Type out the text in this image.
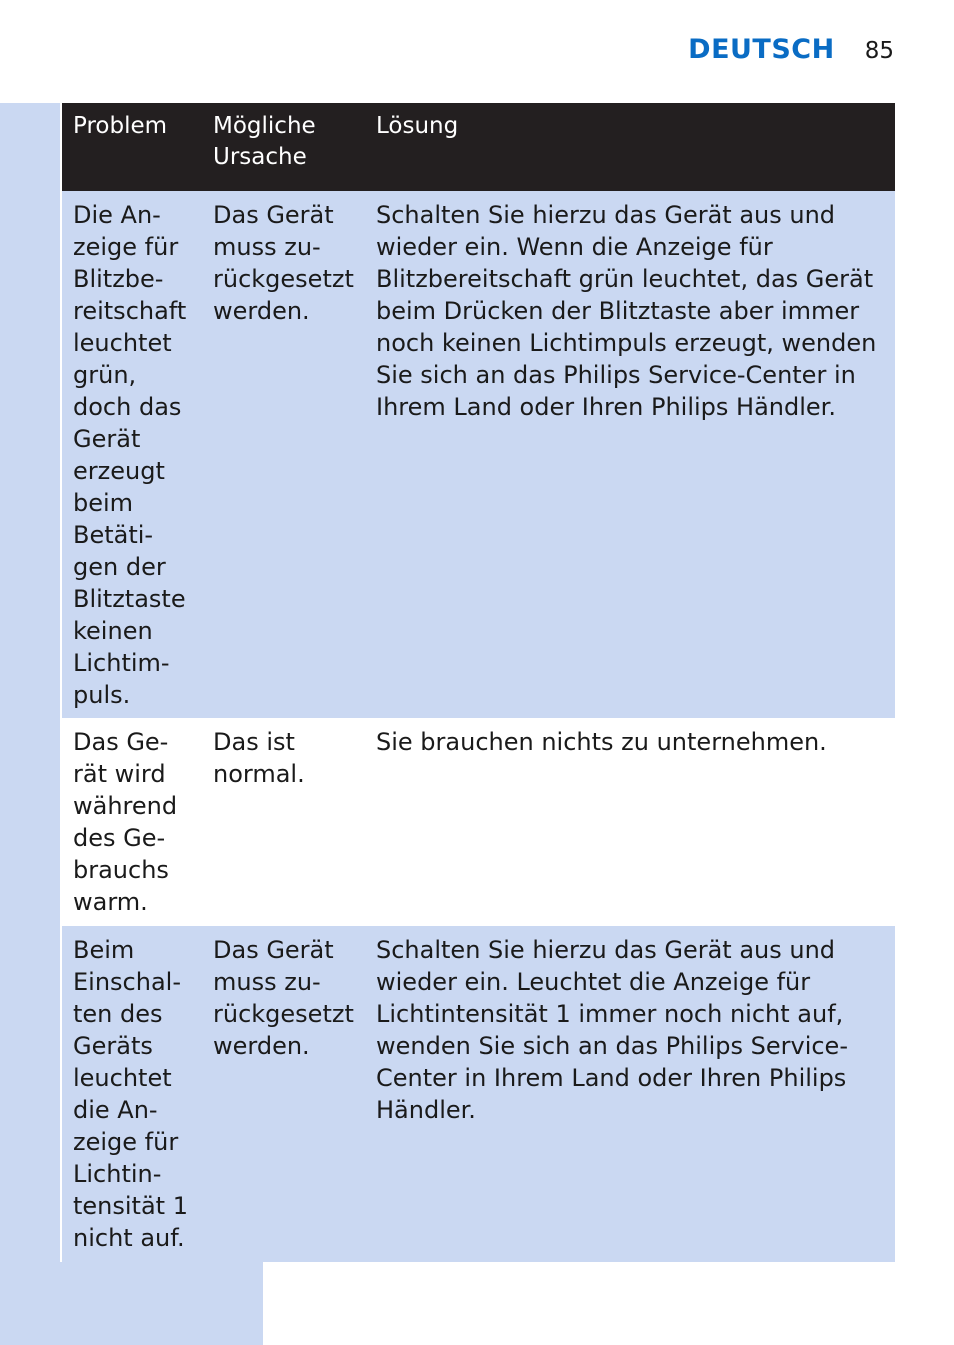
DEUTSCH 85
Problem	Mögliche
Ursache
Lösung
Die An-
zeige für
Blitzbe-
reitschaft
leuchtet
grün,
doch das
Gerät
erzeugt
beim
Betäti-
gen der
Blitztaste
keinen
Lichtim-
puls.
Das Gerät
muss zu-
rückgesetzt
werden.
Schalten Sie hierzu das Gerät aus und wieder ein. Wenn die Anzeige für Blitzbereitschaft grün leuchtet, das Gerät beim Drücken der Blitztaste aber immer noch keinen Lichtimpuls erzeugt, wenden Sie sich an das Philips Service-Center in Ihrem Land oder Ihren Philips Händler.
Das Ge-
rät wird
während
des Ge-
brauchs
warm.
Das ist
normal.
Sie brauchen nichts zu unternehmen.
Beim
Einschal-
ten des
Geräts
leuchtet
die An-
zeige für
Lichtin-
tensität 1
nicht auf.
Das Gerät
muss zu-
rückgesetzt
werden.
Schalten Sie hierzu das Gerät aus und wieder ein. Leuchtet die Anzeige für Lichtintensität 1 immer noch nicht auf, wenden Sie sich an das Philips Service-Center in Ihrem Land oder Ihren Philips Händler.
